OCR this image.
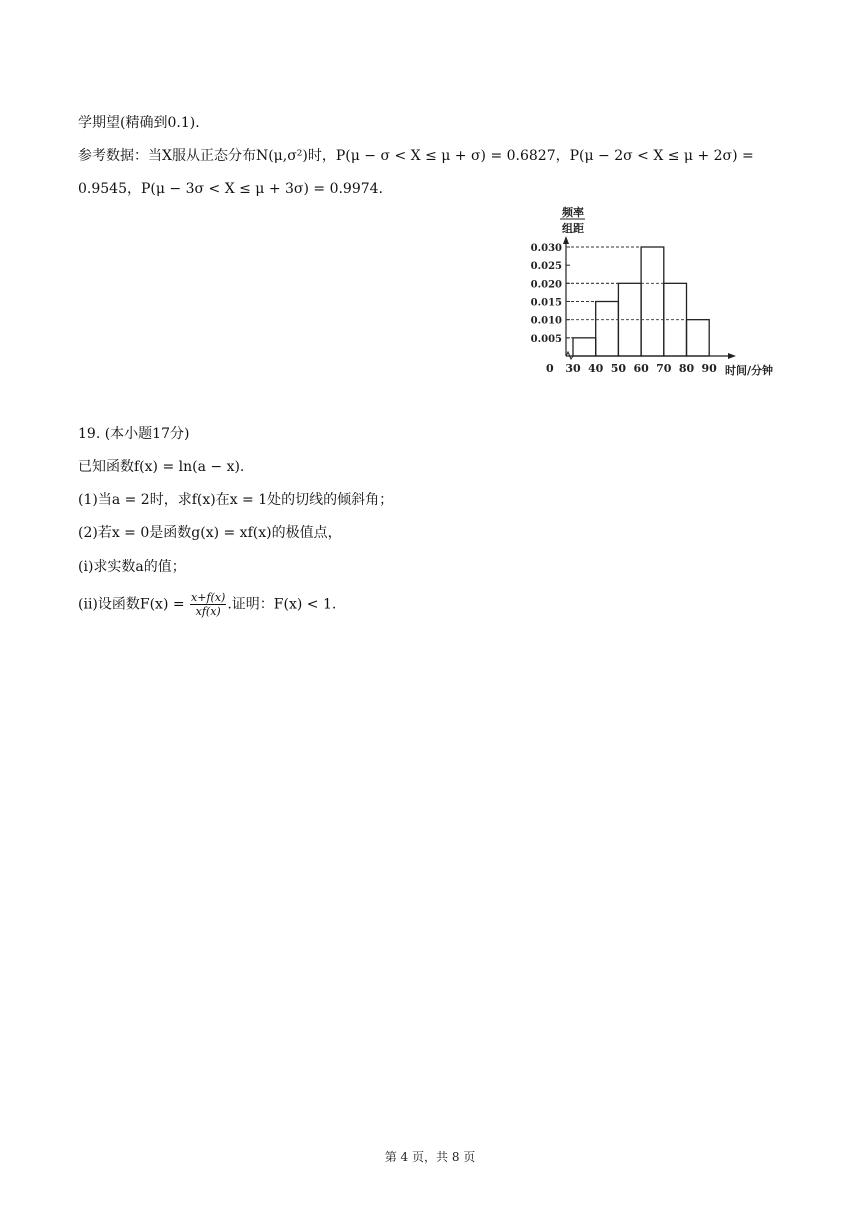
学期望(精确到0.1).
参考数据：当X服从正态分布N(μ,σ²)时，P(μ − σ < X ≤ μ + σ) = 0.6827，P(μ − 2σ < X ≤ μ + 2σ) =
0.9545，P(μ − 3σ < X ≤ μ + 3σ) = 0.9974.
频率
组距
0.005
0.010
0.015
0.020
0.025
0.030
30 40 50 60 70 80 90 时间/分钟
0
19. (本小题17分)
已知函数f(x) = ln(a − x).
(1)当a = 2时，求f(x)在x = 1处的切线的倾斜角；
(2)若x = 0是函数g(x) = xf(x)的极值点，
(i)求实数a的值；
(ii)设函数$F(x) = \frac{x+f(x)}{xf(x)}$ .证明：F(x) < 1.
第 4 页，共 8 页
